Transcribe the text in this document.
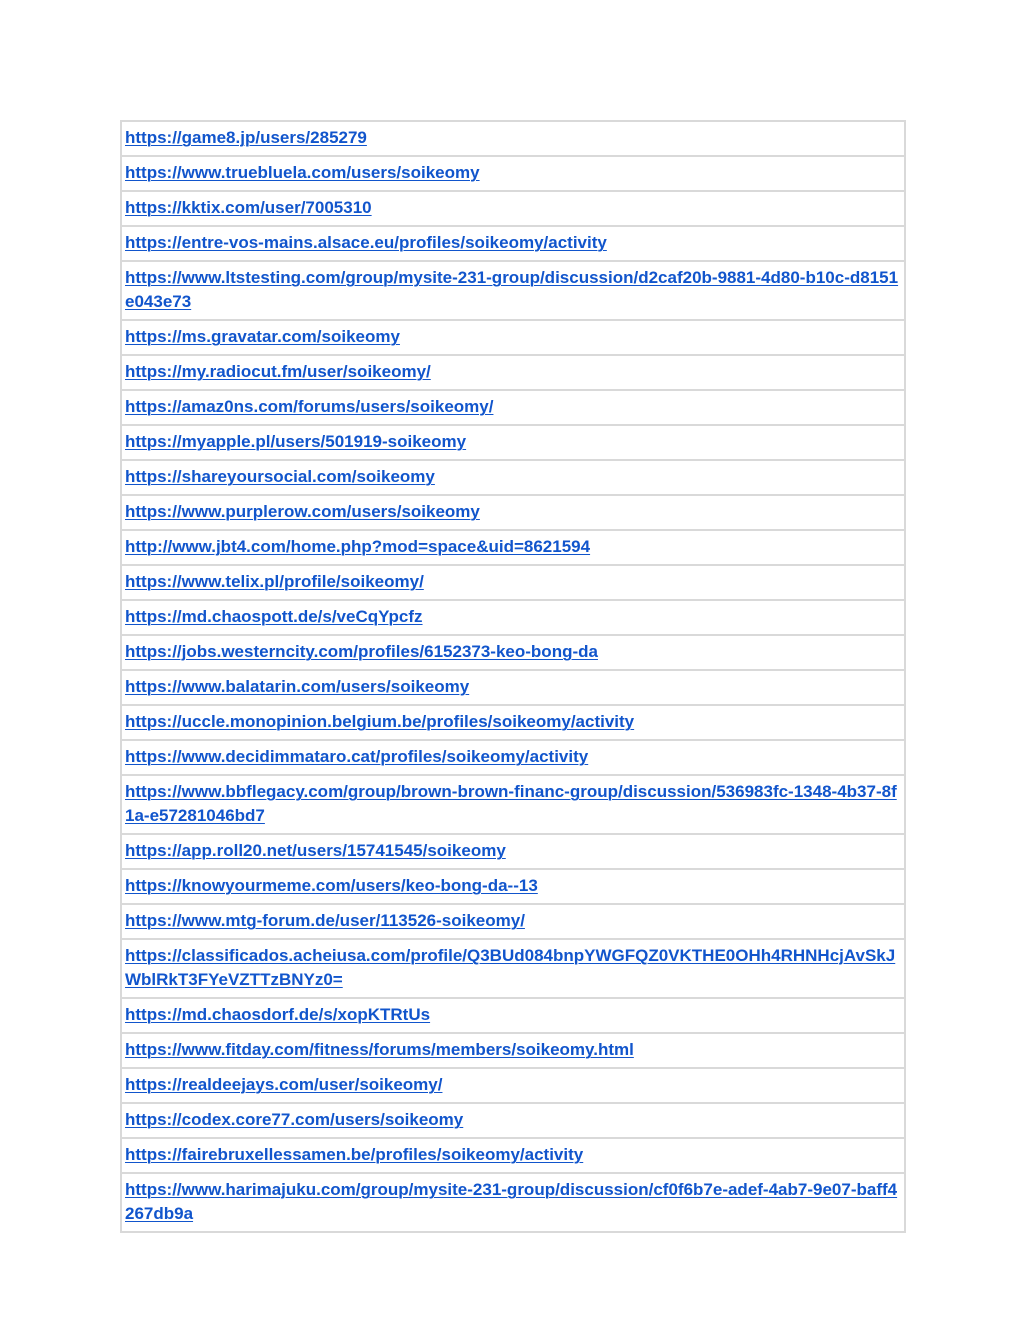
https://game8.jp/users/285279
https://www.truebluela.com/users/soikeomy
https://kktix.com/user/7005310
https://entre-vos-mains.alsace.eu/profiles/soikeomy/activity
https://www.ltstesting.com/group/mysite-231-group/discussion/d2caf20b-9881-4d80-b10c-d8151e043e73
https://ms.gravatar.com/soikeomy
https://my.radiocut.fm/user/soikeomy/
https://amaz0ns.com/forums/users/soikeomy/
https://myapple.pl/users/501919-soikeomy
https://shareyoursocial.com/soikeomy
https://www.purplerow.com/users/soikeomy
http://www.jbt4.com/home.php?mod=space&uid=8621594
https://www.telix.pl/profile/soikeomy/
https://md.chaospott.de/s/veCqYpcfz
https://jobs.westerncity.com/profiles/6152373-keo-bong-da
https://www.balatarin.com/users/soikeomy
https://uccle.monopinion.belgium.be/profiles/soikeomy/activity
https://www.decidimmataro.cat/profiles/soikeomy/activity
https://www.bbflegacy.com/group/brown-brown-financ-group/discussion/536983fc-1348-4b37-8f1a-e57281046bd7
https://app.roll20.net/users/15741545/soikeomy
https://knowyourmeme.com/users/keo-bong-da--13
https://www.mtg-forum.de/user/113526-soikeomy/
https://classificados.acheiusa.com/profile/Q3BUd084bnpYWGFQZ0VKTHE0OHh4RHNHcjAvSkJWblRkT3FYeVZTTzBNYz0=
https://md.chaosdorf.de/s/xopKTRtUs
https://www.fitday.com/fitness/forums/members/soikeomy.html
https://realdeejays.com/user/soikeomy/
https://codex.core77.com/users/soikeomy
https://fairebruxellessamen.be/profiles/soikeomy/activity
https://www.harimajuku.com/group/mysite-231-group/discussion/cf0f6b7e-adef-4ab7-9e07-baff4267db9a
